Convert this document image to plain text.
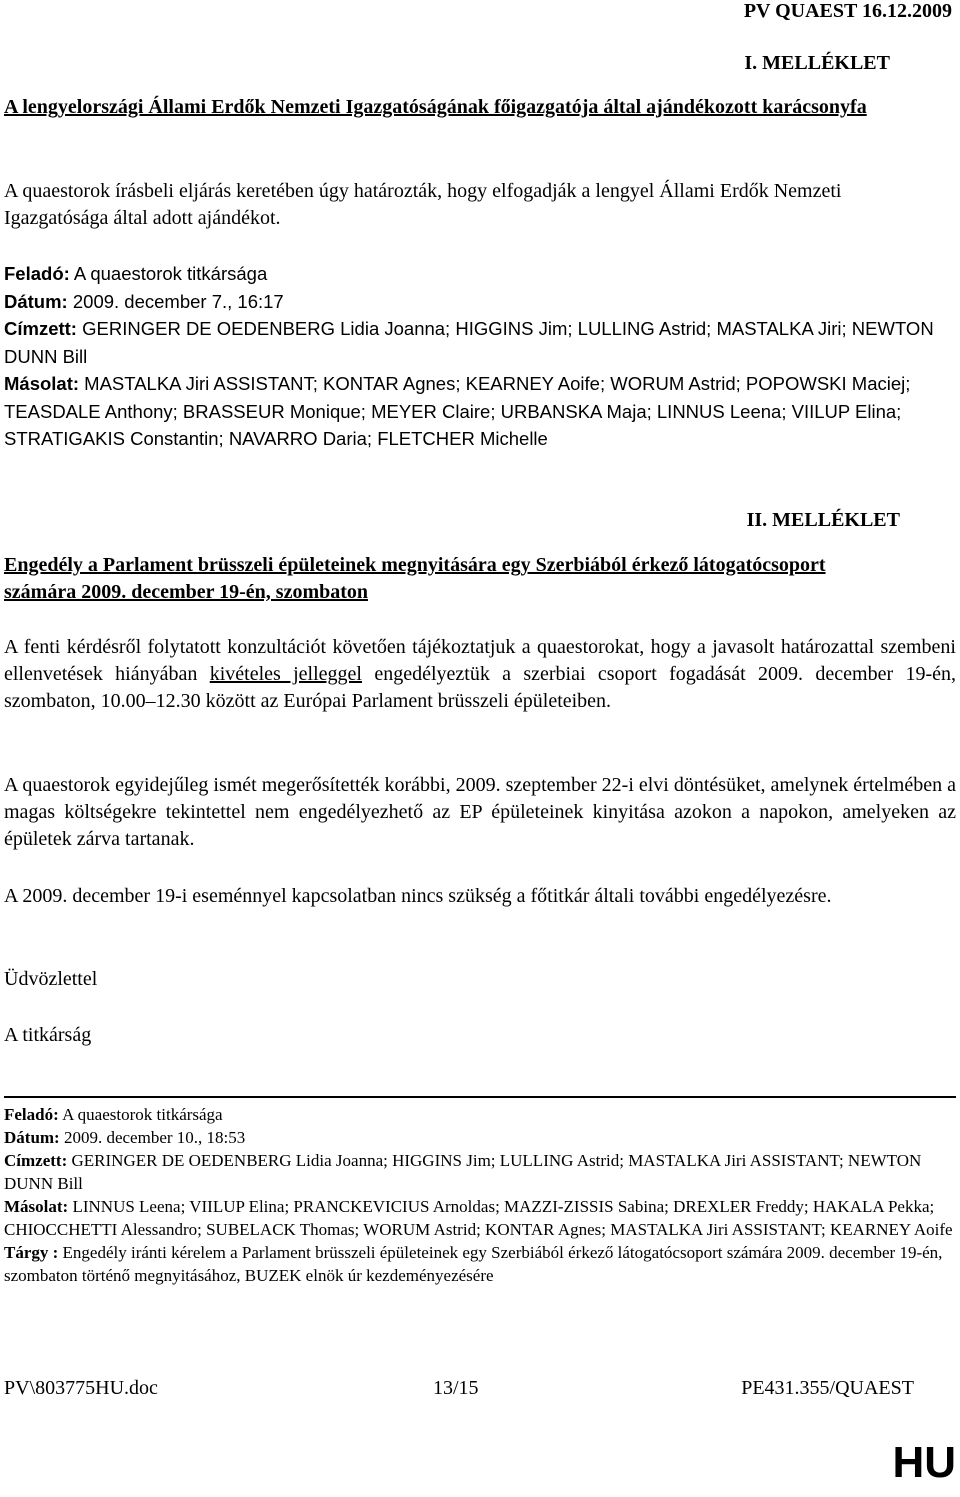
PV QUAEST 16.12.2009
I. MELLÉKLET
A lengyelországi Állami Erdők Nemzeti Igazgatóságának főigazgatója által ajándékozott karácsonyfa
A quaestorok írásbeli eljárás keretében úgy határozták, hogy elfogadják a lengyel Állami Erdők Nemzeti Igazgatósága által adott ajándékot.
Feladó: A quaestorok titkársága
Dátum: 2009. december 7., 16:17
Címzett: GERINGER DE OEDENBERG Lidia Joanna; HIGGINS Jim; LULLING Astrid; MASTALKA Jiri; NEWTON DUNN Bill
Másolat: MASTALKA Jiri ASSISTANT; KONTAR Agnes; KEARNEY Aoife; WORUM Astrid; POPOWSKI Maciej; TEASDALE Anthony; BRASSEUR Monique; MEYER Claire; URBANSKA Maja; LINNUS Leena; VIILUP Elina; STRATIGAKIS Constantin; NAVARRO Daria; FLETCHER Michelle
II. MELLÉKLET
Engedély a Parlament brüsszeli épületeinek megnyitására egy Szerbiából érkező látogatócsoport számára 2009. december 19-én, szombaton
A fenti kérdésről folytatott konzultációt követően tájékoztatjuk a quaestorokat, hogy a javasolt határozattal szembeni ellenvetések hiányában kivételes jelleggel engedélyeztük a szerbiai csoport fogadását 2009. december 19-én, szombaton, 10.00–12.30 között az Európai Parlament brüsszeli épületeiben.
A quaestorok egyidejűleg ismét megerősítették korábbi, 2009. szeptember 22-i elvi döntésüket, amelynek értelmében a magas költségekre tekintettel nem engedélyezhető az EP épületeinek kinyitása azokon a napokon, amelyeken az épületek zárva tartanak.
A 2009. december 19-i eseménnyel kapcsolatban nincs szükség a főtitkár általi további engedélyezésre.
Üdvözlettel
A titkárság
Feladó: A quaestorok titkársága
Dátum: 2009. december 10., 18:53
Címzett: GERINGER DE OEDENBERG Lidia Joanna; HIGGINS Jim; LULLING Astrid; MASTALKA Jiri ASSISTANT; NEWTON DUNN Bill
Másolat: LINNUS Leena; VIILUP Elina; PRANCKEVICIUS Arnoldas; MAZZI-ZISSIS Sabina; DREXLER Freddy; HAKALA Pekka; CHIOCCHETTI Alessandro; SUBELACK Thomas; WORUM Astrid; KONTAR Agnes; MASTALKA Jiri ASSISTANT; KEARNEY Aoife
Tárgy : Engedély iránti kérelem a Parlament brüsszeli épületeinek egy Szerbiából érkező látogatócsoport számára 2009. december 19-én, szombaton történő megnyitásához, BUZEK elnök úr kezdeményezésére
PV\803775HU.doc	13/15	PE431.355/QUAEST
HU
